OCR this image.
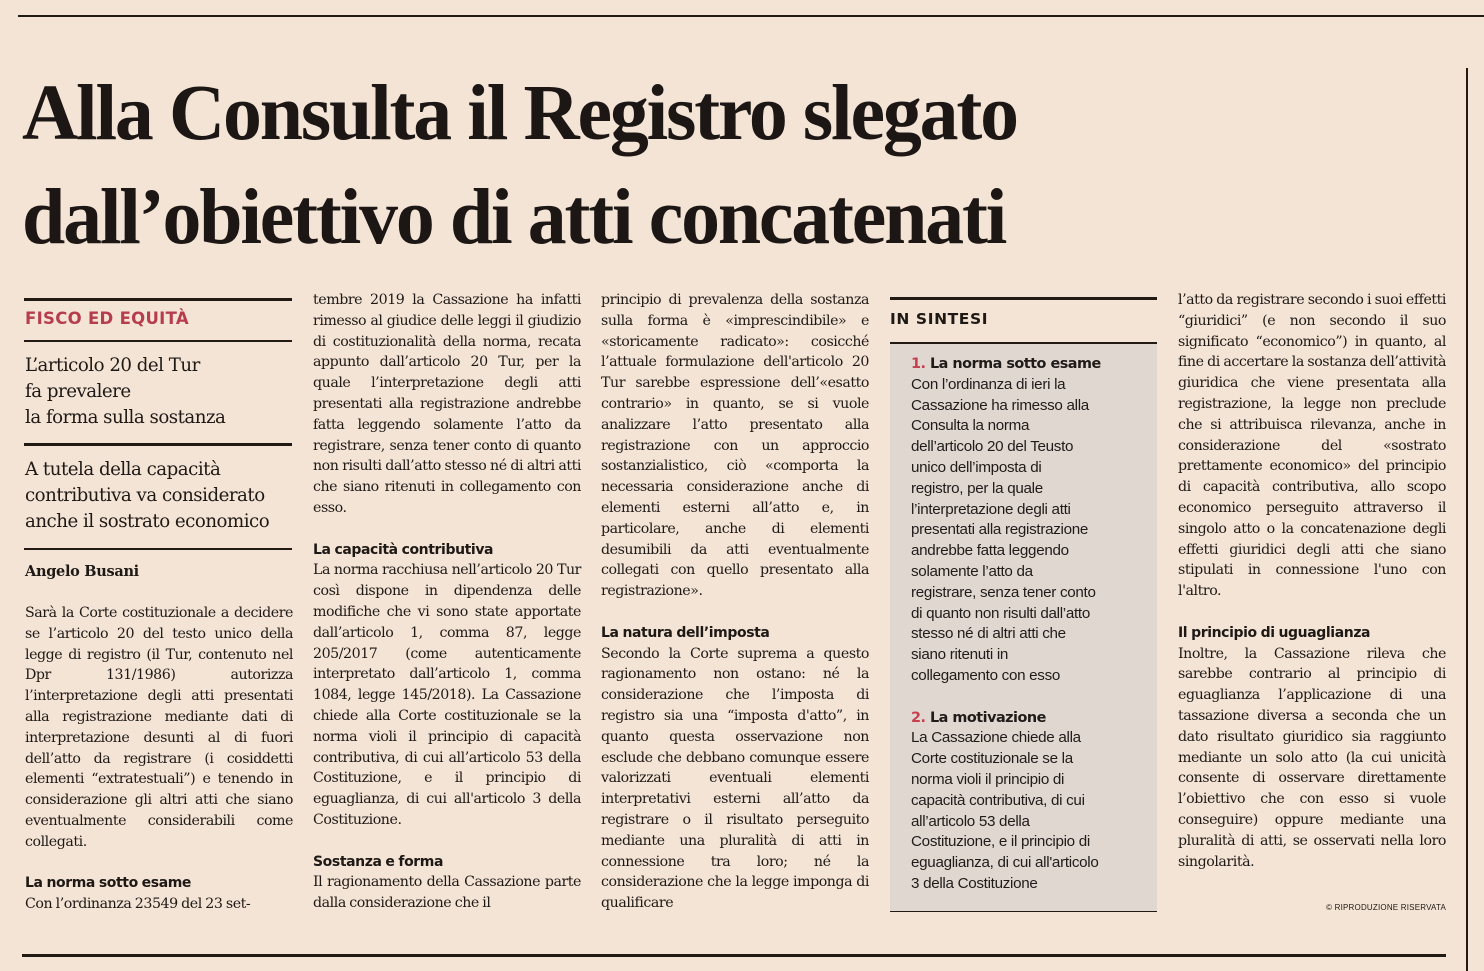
Alla Consulta il Registro slegato
dall’obiettivo di atti concatenati
FISCO ED EQUITÀ
L’articolo 20 del Tur
fa prevalere
la forma sulla sostanza
A tutela della capacità
contributiva va considerato
anche il sostrato economico
Angelo Busani

Sarà la Corte costituzionale a decidere se l’articolo 20 del testo unico della legge di registro (il Tur, contenuto nel Dpr 131/1986) autorizza l’interpretazione degli atti presentati alla registrazione mediante dati di interpretazione desunti al di fuori dell’atto da registrare (i cosiddetti elementi “extratestuali”) e tenendo in considerazione gli altri atti che siano eventualmente considerabili come collegati.

La norma sotto esame

Con l’ordinanza 23549 del 23 set-

tembre 2019 la Cassazione ha infatti rimesso al giudice delle leggi il giudizio di costituzionalità della norma, recata appunto dall’articolo 20 Tur, per la quale l’interpretazione degli atti presentati alla registrazione andrebbe fatta leggendo solamente l’atto da registrare, senza tener conto di quanto non risulti dall’atto stesso né di altri atti che siano ritenuti in collegamento con esso.

La capacità contributiva

La norma racchiusa nell’articolo 20 Tur così dispone in dipendenza delle modifiche che vi sono state apportate dall’articolo 1, comma 87, legge 205/2017 (come autenticamente interpretato dall’articolo 1, comma 1084, legge 145/2018). La Cassazione chiede alla Corte costituzionale se la norma violi il principio di capacità contributiva, di cui all’articolo 53 della Costituzione, e il principio di eguaglianza, di cui all'articolo 3 della Costituzione.

Sostanza e forma

Il ragionamento della Cassazione parte dalla considerazione che il

principio di prevalenza della sostanza sulla forma è «imprescindibile» e «storicamente radicato»: cosicché l’attuale formulazione dell'articolo 20 Tur sarebbe espressione dell’«esatto contrario» in quanto, se si vuole analizzare l’atto presentato alla registrazione con un approccio sostanzialistico, ciò «comporta la necessaria considerazione anche di elementi esterni all’atto e, in particolare, anche di elementi desumibili da atti eventualmente collegati con quello presentato alla registrazione».

La natura dell’imposta

Secondo la Corte suprema a questo ragionamento non ostano: né la considerazione che l’imposta di registro sia una “imposta d'atto”, in quanto questa osservazione non esclude che debbano comunque essere valorizzati eventuali elementi interpretativi esterni all’atto da registrare o il risultato perseguito mediante una pluralità di atti in connessione tra loro; né la considerazione che la legge imponga di qualificare

IN SINTESI
1. La norma sotto esame

Con l’ordinanza di ieri la

Cassazione ha rimesso alla

Consulta la norma

dell’articolo 20 del Teusto

unico dell’imposta di

registro, per la quale

l’interpretazione degli atti

presentati alla registrazione

andrebbe fatta leggendo

solamente l’atto da

registrare, senza tener conto

di quanto non risulti dall’atto

stesso né di altri atti che

siano ritenuti in

collegamento con esso

2. La motivazione

La Cassazione chiede alla

Corte costituzionale se la

norma violi il principio di

capacità contributiva, di cui

all’articolo 53 della

Costituzione, e il principio di

eguaglianza, di cui all'articolo

3 della Costituzione

l’atto da registrare secondo i suoi effetti “giuridici” (e non secondo il suo significato “economico”) in quanto, al fine di accertare la sostanza dell’attività giuridica che viene presentata alla registrazione, la legge non preclude che si attribuisca rilevanza, anche in considerazione del «sostrato prettamente economico» del principio di capacità contributiva, allo scopo economico perseguito attraverso il singolo atto o la concatenazione degli effetti giuridici degli atti che siano stipulati in connessione l'uno con l'altro.

Il principio di uguaglianza

Inoltre, la Cassazione rileva che sarebbe contrario al principio di eguaglianza l’applicazione di una tassazione diversa a seconda che un dato risultato giuridico sia raggiunto mediante un solo atto (la cui unicità consente di osservare direttamente l’obiettivo che con esso si vuole conseguire) oppure mediante una pluralità di atti, se osservati nella loro singolarità.

© RIPRODUZIONE RISERVATA
